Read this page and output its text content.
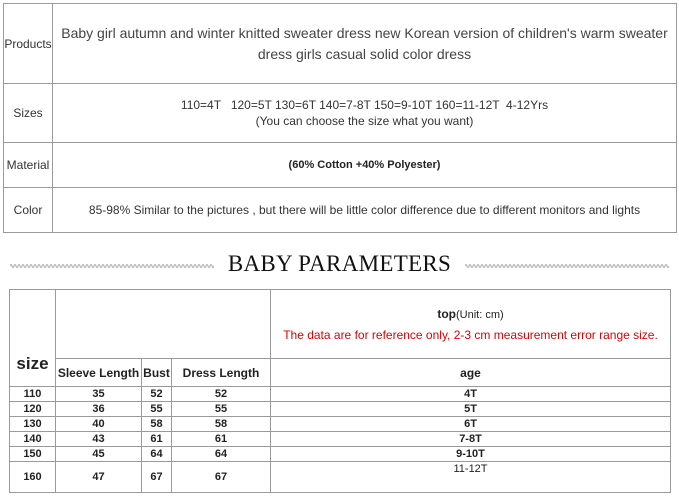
Products	Baby girl autumn and winter knitted sweater dress new Korean version of children's warm sweater dress girls casual solid color dress
Sizes	110=4T   120=5T 130=6T 140=7-8T 150=9-10T 160=11-12T  4-12Yrs
(You can choose the size what you want)

Material	(60% Cotton +40% Polyester)
Color	85-98% Similar to the pictures , but there will be little color difference due to different monitors and lights
BABY PARAMETERS
size				top(Unit: cm)
The data are for reference only, 2-3 cm measurement error range size.

	Sleeve Length	Bust	Dress Length	age
110	35	52	52	4T
120	36	55	55	5T
130	40	58	58	6T
140	43	61	61	7-8T
150	45	64	64	9-10T
160	47	67	67	11-12T
